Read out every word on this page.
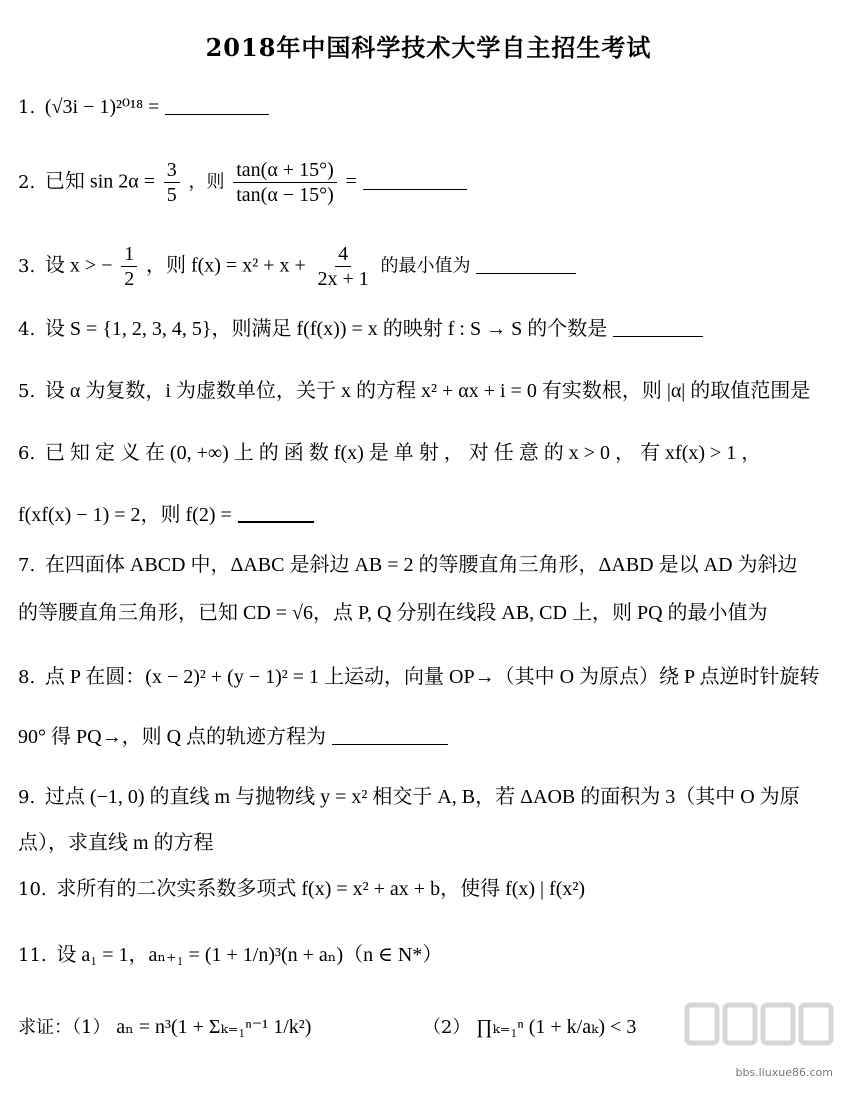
2018年中国科学技术大学自主招生考试
1. (√3i − 1)²⁰¹⁸ =
2. 已知 $\sin 2\alpha = \frac{3}{5}$ ，则 $\frac{\tan(\alpha + 15^\circ)}{\tan(\alpha - 15^\circ)}$ =
3. 设 x > − $\frac{1}{2}$ ，则 $f(x) = x^2 + x + \frac{4}{2x + 1}$ 的最小值为
4. 设 S = {1, 2, 3, 4, 5}，则满足 f(f(x)) = x 的映射 f : S → S 的个数是
5. 设 α 为复数，i 为虚数单位，关于 x 的方程 x² + αx + i = 0 有实数根，则 |α| 的取值范围是
6. 已 知 定 义 在 (0, +∞) 上 的 函 数 f(x) 是 单 射 ， 对 任 意 的 x > 0 ， 有 xf(x) > 1 ，
f(xf(x) − 1) = 2，则 f(2) =
7. 在四面体 ABCD 中，ΔABC 是斜边 AB = 2 的等腰直角三角形，ΔABD 是以 AD 为斜边
的等腰直角三角形，已知 CD = √6，点 P, Q 分别在线段 AB, CD 上，则 PQ 的最小值为
8. 点 P 在圆：(x − 2)² + (y − 1)² = 1 上运动，向量 OP→（其中 O 为原点）绕 P 点逆时针旋转
90° 得 PQ→，则 Q 点的轨迹方程为
9. 过点 (−1, 0) 的直线 m 与抛物线 y = x² 相交于 A, B，若 ΔAOB 的面积为 3（其中 O 为原
点），求直线 m 的方程
10. 求所有的二次实系数多项式 f(x) = x² + ax + b，使得 f(x) | f(x²)
11. 设 a₁ = 1，aₙ₊₁ = (1 + 1/n)³(n + aₙ)（n ∈ N*）
求证：（1） aₙ = n³(1 + Σₖ₌₁ⁿ⁻¹ 1/k²)	（2） ∏ₖ₌₁ⁿ (1 + k/aₖ) < 3
bbs.liuxue86.com
